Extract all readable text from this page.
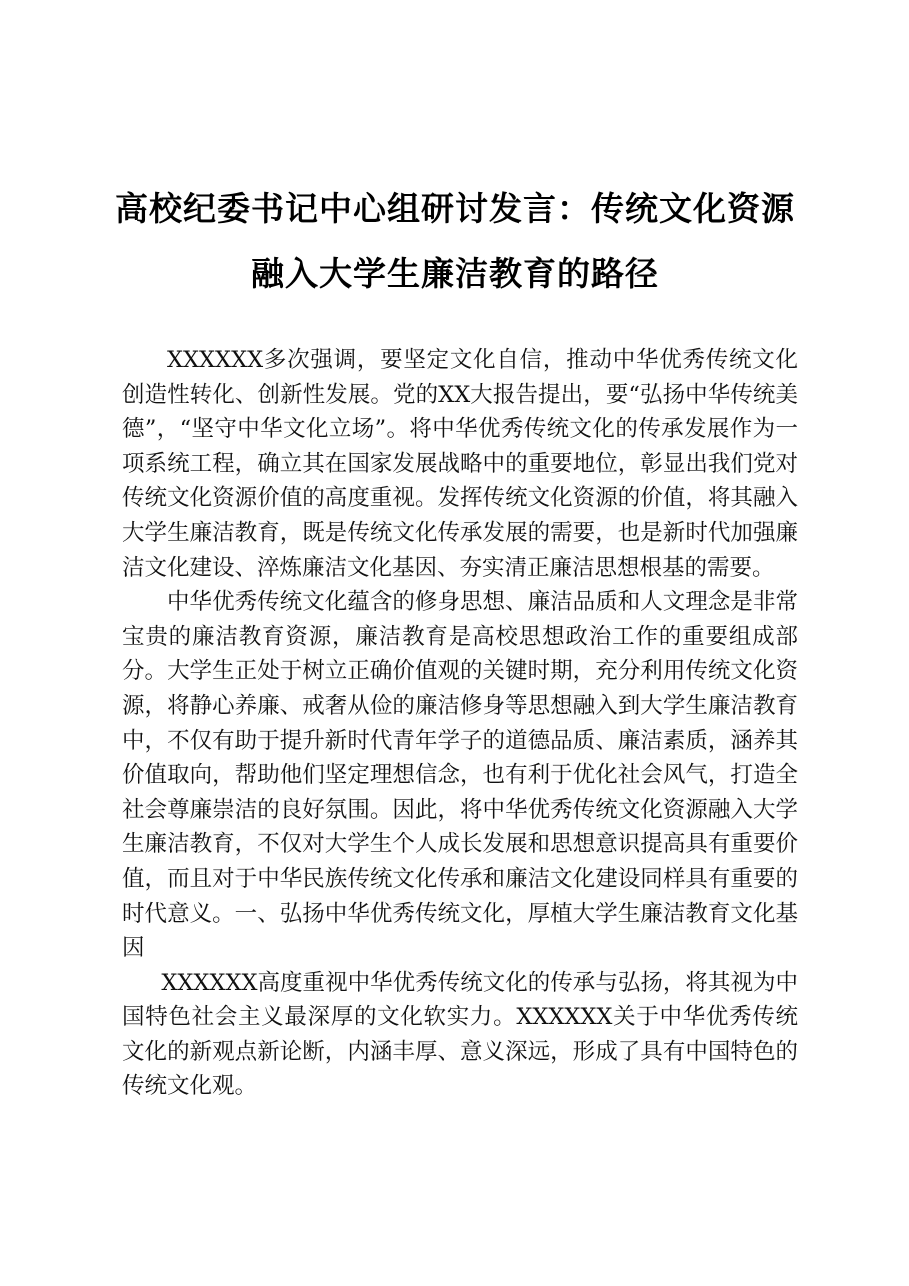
高校纪委书记中心组研讨发言：传统文化资源
融入大学生廉洁教育的路径

XXXXXX多次强调，要坚定文化自信，推动中华优秀传统文化创造性转化、创新性发展。党的XX大报告提出，要“弘扬中华传统美德”，“坚守中华文化立场”。将中华优秀传统文化的传承发展作为一项系统工程，确立其在国家发展战略中的重要地位，彰显出我们党对传统文化资源价值的高度重视。发挥传统文化资源的价值，将其融入大学生廉洁教育，既是传统文化传承发展的需要，也是新时代加强廉洁文化建设、淬炼廉洁文化基因、夯实清正廉洁思想根基的需要。

中华优秀传统文化蕴含的修身思想、廉洁品质和人文理念是非常宝贵的廉洁教育资源，廉洁教育是高校思想政治工作的重要组成部分。大学生正处于树立正确价值观的关键时期，充分利用传统文化资源，将静心养廉、戒奢从俭的廉洁修身等思想融入到大学生廉洁教育中，不仅有助于提升新时代青年学子的道德品质、廉洁素质，涵养其价值取向，帮助他们坚定理想信念，也有利于优化社会风气，打造全社会尊廉崇洁的良好氛围。因此，将中华优秀传统文化资源融入大学生廉洁教育，不仅对大学生个人成长发展和思想意识提高具有重要价值，而且对于中华民族传统文化传承和廉洁文化建设同样具有重要的时代意义。一、弘扬中华优秀传统文化，厚植大学生廉洁教育文化基因

XXXXXX高度重视中华优秀传统文化的传承与弘扬，将其视为中国特色社会主义最深厚的文化软实力。XXXXXX关于中华优秀传统文化的新观点新论断，内涵丰厚、意义深远，形成了具有中国特色的传统文化观。
